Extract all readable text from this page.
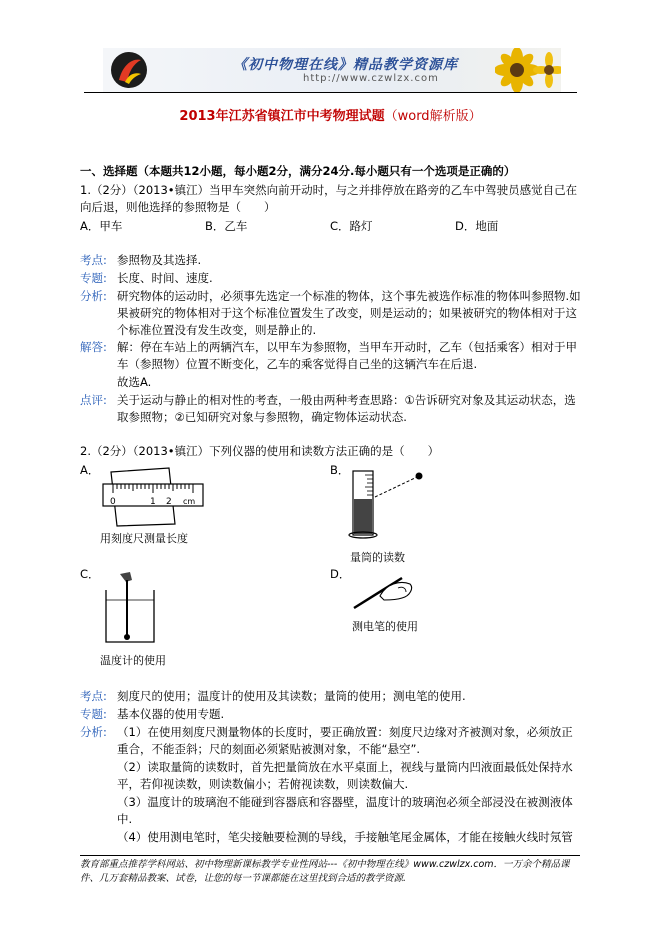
《初中物理在线》精品教学资源库
http://www.czwlzx.com
2013年江苏省镇江市中考物理试题（word解析版）
一、选择题（本题共12小题，每小题2分，满分24分.每小题只有一个选项是正确的）
1.（2分）（2013•镇江）当甲车突然向前开动时，与之并排停放在路旁的乙车中驾驶员感觉自己在
向后退，则他选择的参照物是（　　）
A．甲车	B．乙车	C．路灯	D．地面
考点: 参照物及其选择.
专题: 长度、时间、速度.
分析: 研究物体的运动时，必须事先选定一个标准的物体，这个事先被选作标准的物体叫参照物.如
果被研究的物体相对于这个标准位置发生了改变，则是运动的；如果被研究的物体相对于这
个标准位置没有发生改变，则是静止的.
解答: 解：停在车站上的两辆汽车，以甲车为参照物，当甲车开动时，乙车（包括乘客）相对于甲
车（参照物）位置不断变化，乙车的乘客觉得自己坐的这辆汽车在后退.
故选A.
点评: 关于运动与静止的相对性的考查，一般由两种考查思路：①告诉研究对象及其运动状态，选
取参照物；②已知研究对象与参照物，确定物体运动状态.
2.（2分）（2013•镇江）下列仪器的使用和读数方法正确的是（　　）
A．	B．
0	1 2 cm
用刻度尺测量长度
量筒的读数
C．
温度计的使用
D．
测电笔的使用
考点: 刻度尺的使用；温度计的使用及其读数；量筒的使用；测电笔的使用.
专题: 基本仪器的使用专题.
分析: （1）在使用刻度尺测量物体的长度时，要正确放置：刻度尺边缘对齐被测对象，必须放正
重合，不能歪斜；尺的刻面必须紧贴被测对象，不能“悬空”.
（2）读取量筒的读数时，首先把量筒放在水平桌面上，视线与量筒内凹液面最低处保持水
平，若仰视读数，则读数偏小；若俯视读数，则读数偏大.
（3）温度计的玻璃泡不能碰到容器底和容器壁，温度计的玻璃泡必须全部浸没在被测液体
中.
（4）使用测电笔时，笔尖接触要检测的导线，手接触笔尾金属体，才能在接触火线时氖管
教育部重点推荐学科网站、初中物理新课标教学专业性网站---《初中物理在线》www.czwlzx.com．一万余个精品课
件、几万套精品教案、试卷，让您的每一节课都能在这里找到合适的教学资源.
